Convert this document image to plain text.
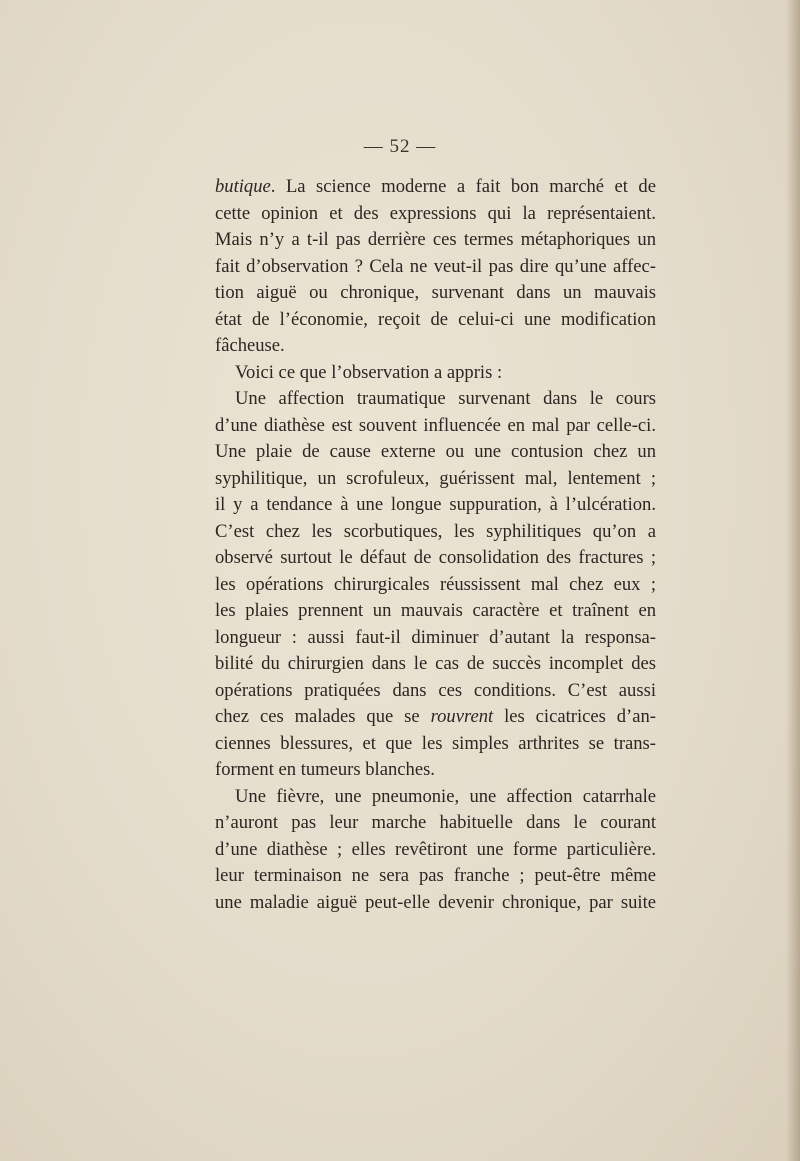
— 52 —
butique. La science moderne a fait bon marché et de
cette opinion et des expressions qui la représentaient.
Mais n’y a t-il pas derrière ces termes métaphoriques un
fait d’observation ? Cela ne veut-il pas dire qu’une affec-
tion aiguë ou chronique, survenant dans un mauvais
état de l’économie, reçoit de celui-ci une modification
fâcheuse.
Voici ce que l’observation a appris :
Une affection traumatique survenant dans le cours
d’une diathèse est souvent influencée en mal par celle-ci.
Une plaie de cause externe ou une contusion chez un
syphilitique, un scrofuleux, guérissent mal, lentement ;
il y a tendance à une longue suppuration, à l’ulcération.
C’est chez les scorbutiques, les syphilitiques qu’on a
observé surtout le défaut de consolidation des fractures ;
les opérations chirurgicales réussissent mal chez eux ;
les plaies prennent un mauvais caractère et traînent en
longueur : aussi faut-il diminuer d’autant la responsa-
bilité du chirurgien dans le cas de succès incomplet des
opérations pratiquées dans ces conditions. C’est aussi
chez ces malades que se rouvrent les cicatrices d’an-
ciennes blessures, et que les simples arthrites se trans-
forment en tumeurs blanches.
Une fièvre, une pneumonie, une affection catarrhale
n’auront pas leur marche habituelle dans le courant
d’une diathèse ; elles revêtiront une forme particulière.
leur terminaison ne sera pas franche ; peut-être même
une maladie aiguë peut-elle devenir chronique, par suite
